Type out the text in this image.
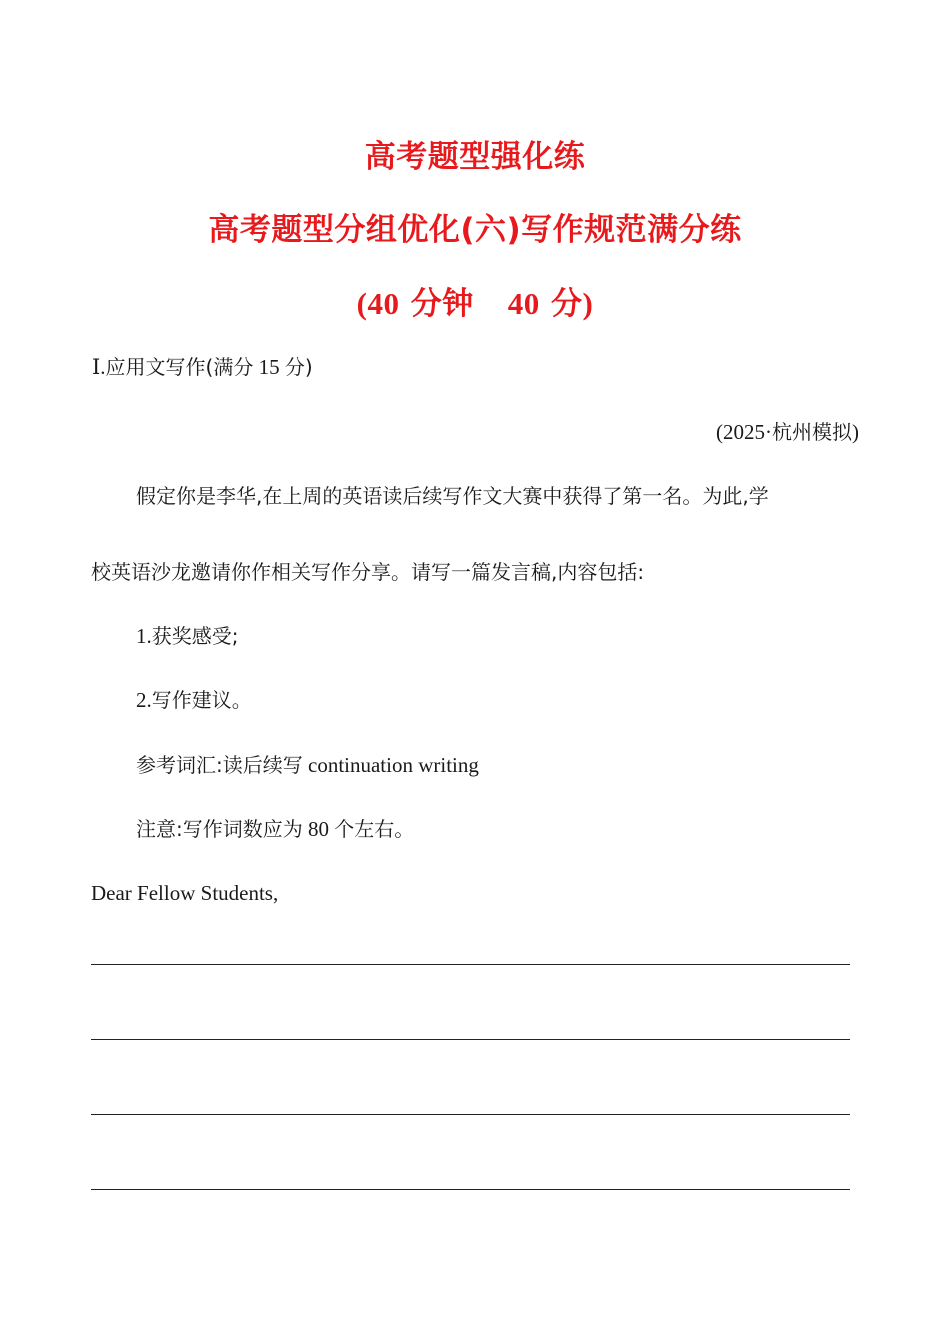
高考题型强化练
高考题型分组优化(六)写作规范满分练
(40 分钟 40 分)
Ⅰ.应用文写作(满分 15 分)
(2025·杭州模拟)
假定你是李华,在上周的英语读后续写作文大赛中获得了第一名。为此,学
校英语沙龙邀请你作相关写作分享。请写一篇发言稿,内容包括:
1.获奖感受;
2.写作建议。
参考词汇:读后续写 continuation writing
注意:写作词数应为 80 个左右。
Dear Fellow Students,
